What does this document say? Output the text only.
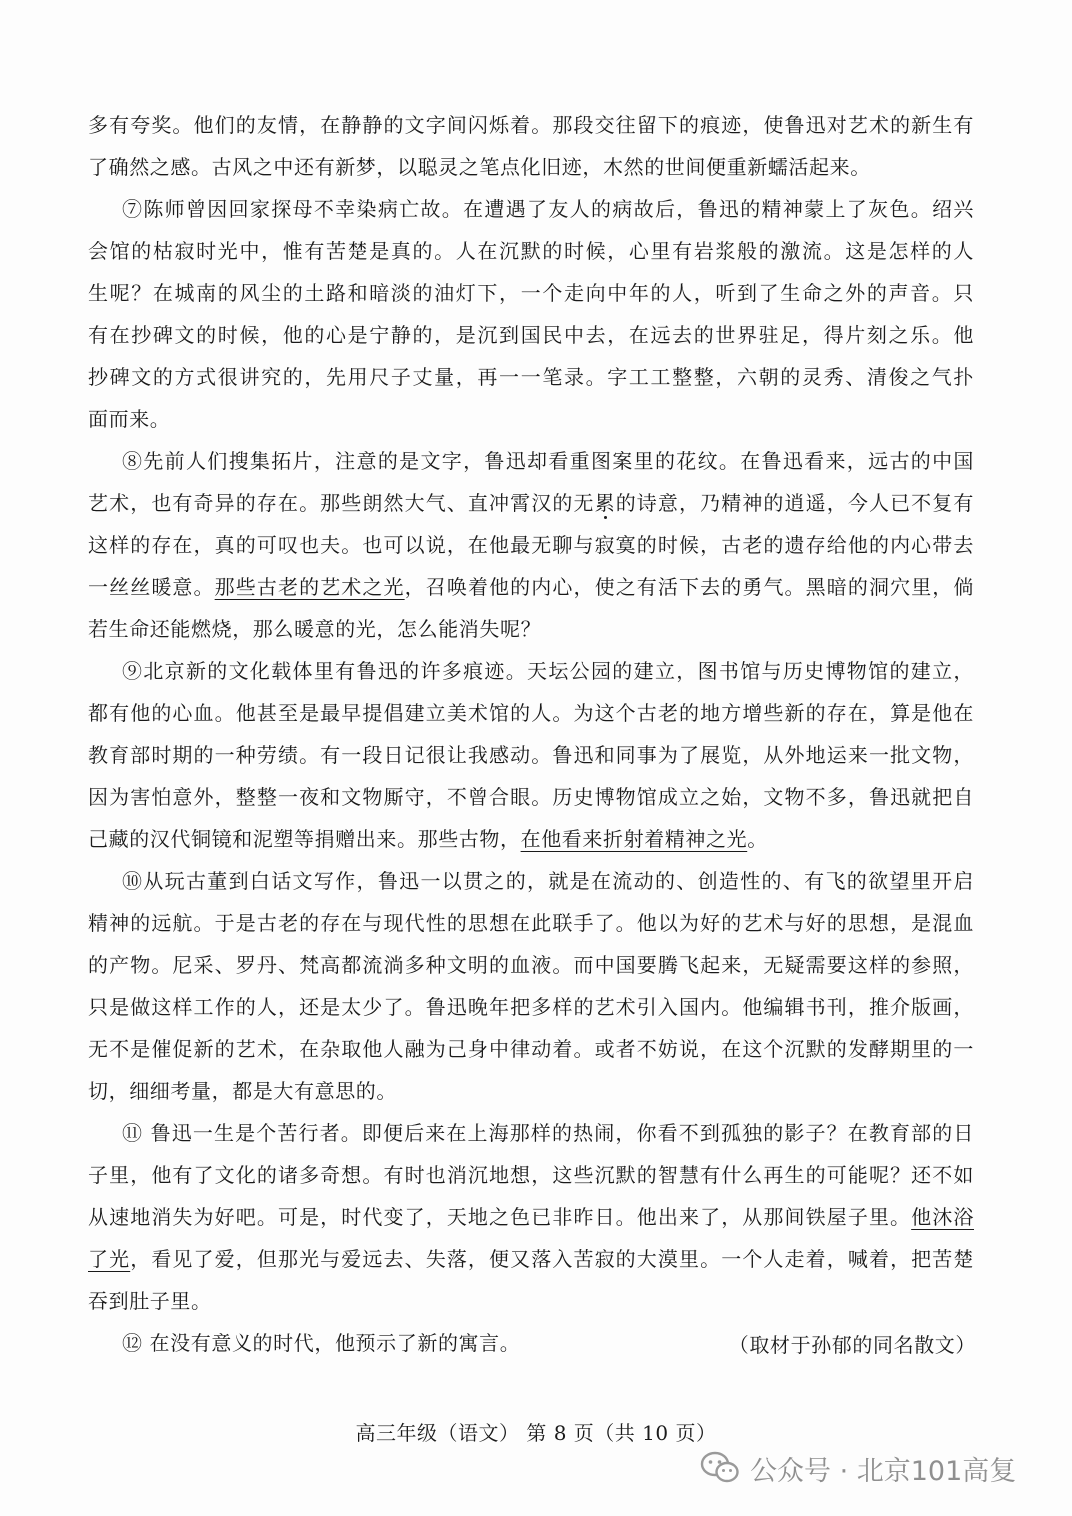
多有夸奖。他们的友情，在静静的文字间闪烁着。那段交往留下的痕迹，使鲁迅对艺术的新生有
了确然之感。古风之中还有新梦，以聪灵之笔点化旧迹，木然的世间便重新蠕活起来。
⑦陈师曾因回家探母不幸染病亡故。在遭遇了友人的病故后，鲁迅的精神蒙上了灰色。绍兴
会馆的枯寂时光中，惟有苦楚是真的。人在沉默的时候，心里有岩浆般的激流。这是怎样的人
生呢？在城南的风尘的土路和暗淡的油灯下，一个走向中年的人，听到了生命之外的声音。只
有在抄碑文的时候，他的心是宁静的，是沉到国民中去，在远去的世界驻足，得片刻之乐。他
抄碑文的方式很讲究的，先用尺子丈量，再一一笔录。字工工整整，六朝的灵秀、清俊之气扑
面而来。
⑧先前人们搜集拓片，注意的是文字，鲁迅却看重图案里的花纹。在鲁迅看来，远古的中国
艺术，也有奇异的存在。那些朗然大气、直冲霄汉的无累的诗意，乃精神的逍遥，今人已不复有
这样的存在，真的可叹也夫。也可以说，在他最无聊与寂寞的时候，古老的遗存给他的内心带去
一丝丝暖意。那些古老的艺术之光，召唤着他的内心，使之有活下去的勇气。黑暗的洞穴里，倘
若生命还能燃烧，那么暖意的光，怎么能消失呢？
⑨北京新的文化载体里有鲁迅的许多痕迹。天坛公园的建立，图书馆与历史博物馆的建立，
都有他的心血。他甚至是最早提倡建立美术馆的人。为这个古老的地方增些新的存在，算是他在
教育部时期的一种劳绩。有一段日记很让我感动。鲁迅和同事为了展览，从外地运来一批文物，
因为害怕意外，整整一夜和文物厮守，不曾合眼。历史博物馆成立之始，文物不多，鲁迅就把自
己藏的汉代铜镜和泥塑等捐赠出来。那些古物，在他看来折射着精神之光。
⑩从玩古董到白话文写作，鲁迅一以贯之的，就是在流动的、创造性的、有飞的欲望里开启
精神的远航。于是古老的存在与现代性的思想在此联手了。他以为好的艺术与好的思想，是混血
的产物。尼采、罗丹、梵高都流淌多种文明的血液。而中国要腾飞起来，无疑需要这样的参照，
只是做这样工作的人，还是太少了。鲁迅晚年把多样的艺术引入国内。他编辑书刊，推介版画，
无不是催促新的艺术，在杂取他人融为己身中律动着。或者不妨说，在这个沉默的发酵期里的一
切，细细考量，都是大有意思的。
⑪ 鲁迅一生是个苦行者。即便后来在上海那样的热闹，你看不到孤独的影子？在教育部的日
子里，他有了文化的诸多奇想。有时也消沉地想，这些沉默的智慧有什么再生的可能呢？还不如
从速地消失为好吧。可是，时代变了，天地之色已非昨日。他出来了，从那间铁屋子里。他沐浴
了光，看见了爱，但那光与爱远去、失落，便又落入苦寂的大漠里。一个人走着，喊着，把苦楚
吞到肚子里。
⑫ 在没有意义的时代，他预示了新的寓言。	（取材于孙郁的同名散文）
高三年级（语文） 第 8 页（共 10 页）
公众号 · 北京101高复
